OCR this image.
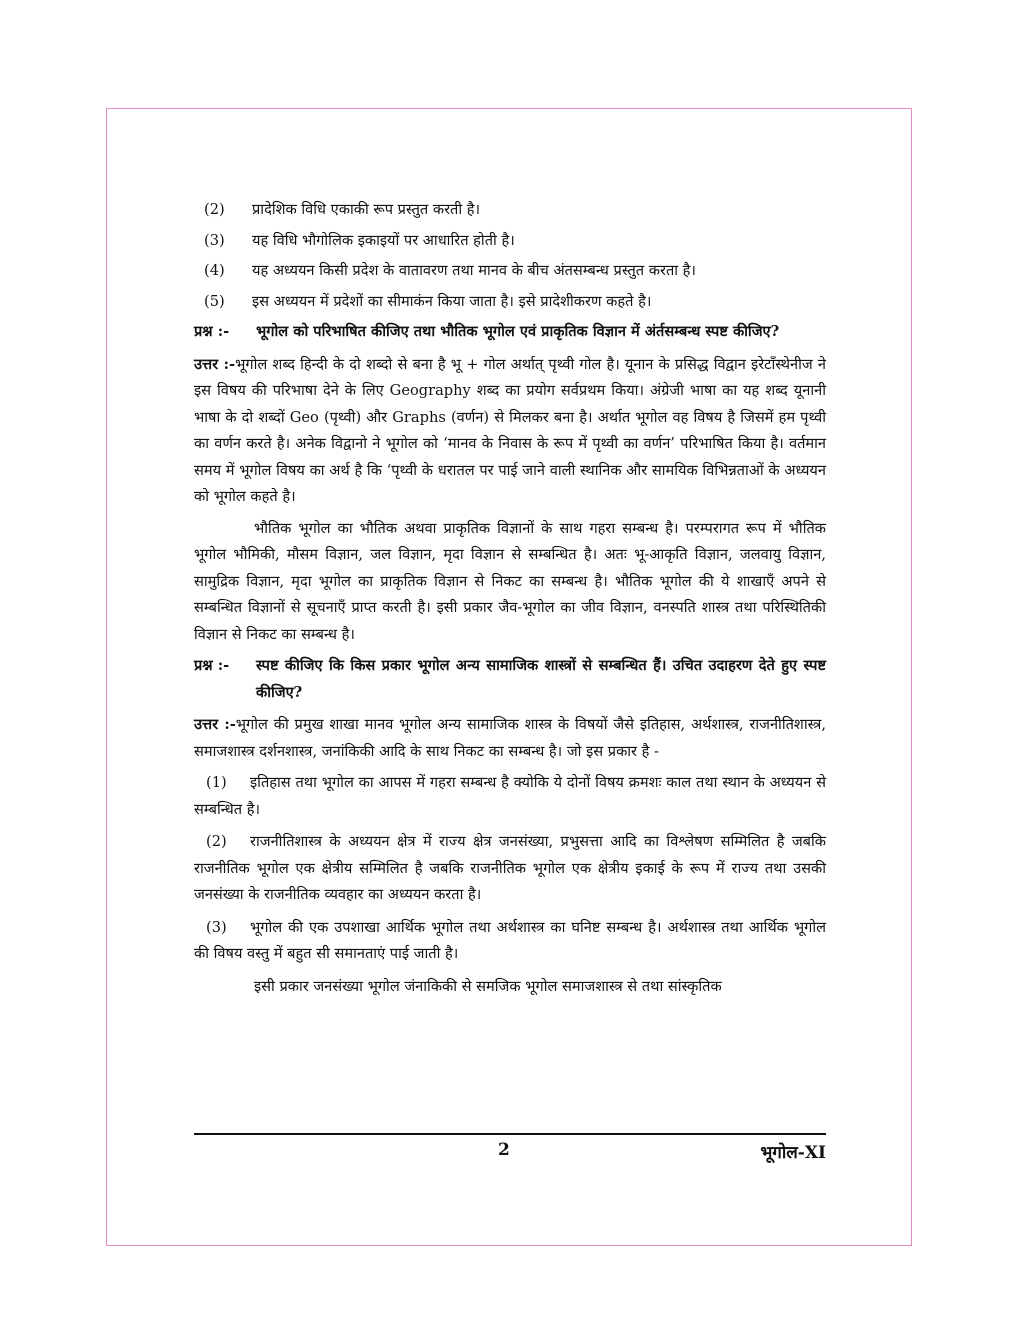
(2)	प्रादेशिक विधि एकाकी रूप प्रस्तुत करती है।
(3)	यह विधि भौगोलिक इकाइयों पर आधारित होती है।
(4)	यह अध्ययन किसी प्रदेश के वातावरण तथा मानव के बीच अंतसम्बन्ध प्रस्तुत करता है।
(5)	इस अध्ययन में प्रदेशों का सीमाकंन किया जाता है। इसे प्रादेशीकरण कहते है।
प्रश्न :- भूगोल को परिभाषित कीजिए तथा भौतिक भूगोल एवं प्राकृतिक विज्ञान में अंर्तसम्बन्ध स्पष्ट कीजिए?
उत्तर :-भूगोल शब्द हिन्दी के दो शब्दो से बना है भू + गोल अर्थात् पृथ्वी गोल है। यूनान के प्रसिद्ध विद्वान इरेटाँस्थेनीज ने इस विषय की परिभाषा देने के लिए Geography शब्द का प्रयोग सर्वप्रथम किया। अंग्रेजी भाषा का यह शब्द यूनानी भाषा के दो शब्दों Geo (पृथ्वी) और Graphs (वर्णन) से मिलकर बना है। अर्थात भूगोल वह विषय है जिसमें हम पृथ्वी का वर्णन करते है। अनेक विद्वानो ने भूगोल को ‘मानव के निवास के रूप में पृथ्वी का वर्णन’ परिभाषित किया है। वर्तमान समय में भूगोल विषय का अर्थ है कि ‘पृथ्वी के धरातल पर पाई जाने वाली स्थानिक और सामयिक विभिन्नताओं के अध्ययन को भूगोल कहते है।
भौतिक भूगोल का भौतिक अथवा प्राकृतिक विज्ञानों के साथ गहरा सम्बन्ध है। परम्परागत रूप में भौतिक भूगोल भौमिकी, मौसम विज्ञान, जल विज्ञान, मृदा विज्ञान से सम्बन्धित है। अतः भू-आकृति विज्ञान, जलवायु विज्ञान, सामुद्रिक विज्ञान, मृदा भूगोल का प्राकृतिक विज्ञान से निकट का सम्बन्ध है। भौतिक भूगोल की ये शाखाएँ अपने से सम्बन्धित विज्ञानों से सूचनाएँ प्राप्त करती है। इसी प्रकार जैव-भूगोल का जीव विज्ञान, वनस्पति शास्त्र तथा परिस्थितिकी विज्ञान से निकट का सम्बन्ध है।
प्रश्न :- स्पष्ट कीजिए कि किस प्रकार भूगोल अन्य सामाजिक शास्त्रों से सम्बन्धित हैं। उचित उदाहरण देते हुए स्पष्ट कीजिए?
उत्तर :-भूगोल की प्रमुख शाखा मानव भूगोल अन्य सामाजिक शास्त्र के विषयों जैसे इतिहास, अर्थशास्त्र, राजनीतिशास्त्र, समाजशास्त्र दर्शनशास्त्र, जनांकिकी आदि के साथ निकट का सम्बन्ध है। जो इस प्रकार है -
(1) इतिहास तथा भूगोल का आपस में गहरा सम्बन्ध है क्योकि ये दोनों विषय क्रमशः काल तथा स्थान के अध्ययन से सम्बन्धित है।
(2) राजनीतिशास्त्र के अध्ययन क्षेत्र में राज्य क्षेत्र जनसंख्या, प्रभुसत्ता आदि का विश्लेषण सम्मिलित है जबकि राजनीतिक भूगोल एक क्षेत्रीय सम्मिलित है जबकि राजनीतिक भूगोल एक क्षेत्रीय इकाई के रूप में राज्य तथा उसकी जनसंख्या के राजनीतिक व्यवहार का अध्ययन करता है।
(3) भूगोल की एक उपशाखा आर्थिक भूगोल तथा अर्थशास्त्र का घनिष्ट सम्बन्ध है। अर्थशास्त्र तथा आर्थिक भूगोल की विषय वस्तु में बहुत सी समानताएं पाई जाती है।
इसी प्रकार जनसंख्या भूगोल जंनाकिकी से समजिक भूगोल समाजशास्त्र से तथा सांस्कृतिक
2	भूगोल-XI
